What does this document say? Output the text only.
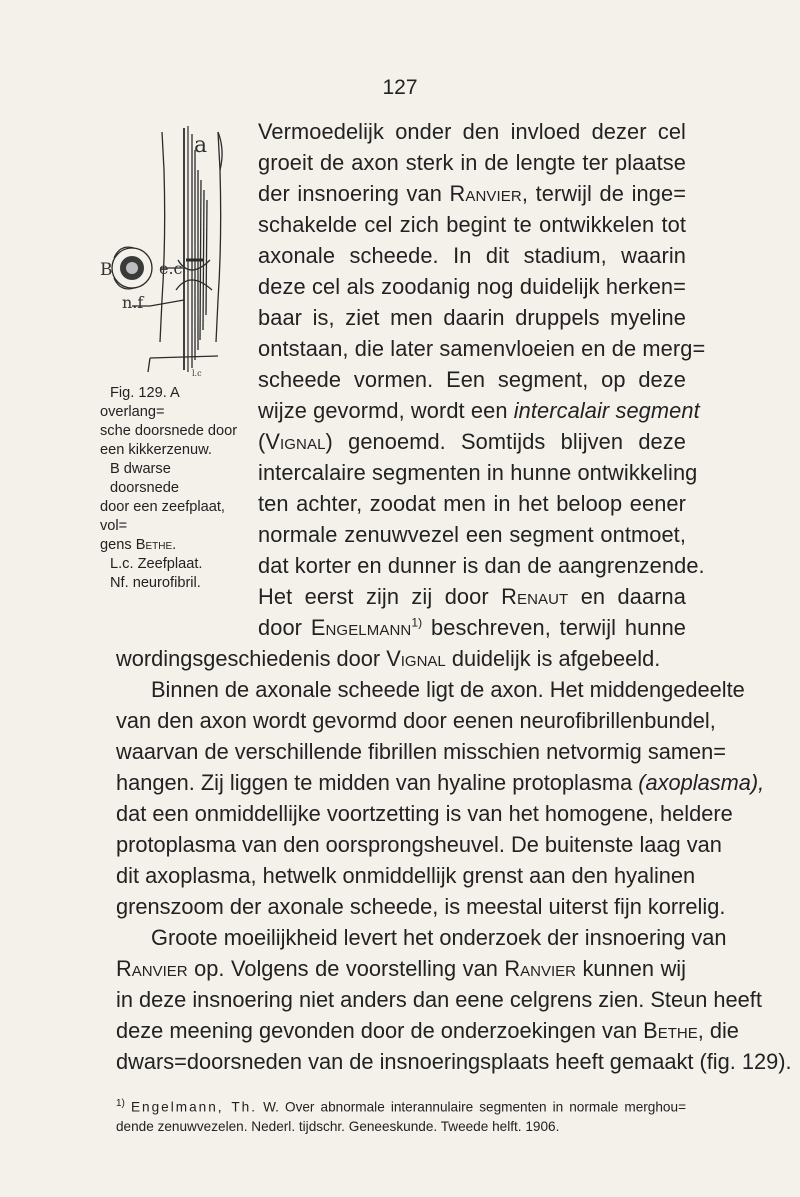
127
a
B	e.c
n.f
l.c

Fig. 129. A overlang=

sche doorsnede door een kikkerzenuw.

B dwarse doorsnede

door een zeefplaat, vol=

gens Bethe.

L.c. Zeefplaat.

Nf. neurofibril.

Vermoedelijk onder den invloed dezer cel
groeit de axon sterk in de lengte ter plaatse
der insnoering van Ranvier, terwijl de inge=
schakelde cel zich begint te ontwikkelen tot
axonale scheede. In dit stadium, waarin
deze cel als zoodanig nog duidelijk herken=
baar is, ziet men daarin druppels myeline
ontstaan, die later samenvloeien en de merg=
scheede vormen. Een segment, op deze
wijze gevormd, wordt een intercalair segment
(Vignal) genoemd. Somtijds blijven deze
intercalaire segmenten in hunne ontwikkeling
ten achter, zoodat men in het beloop eener
normale zenuwvezel een segment ontmoet,
dat korter en dunner is dan de aangrenzende.
Het eerst zijn zij door Renaut en daarna
door Engelmann$^{1)}$ beschreven, terwijl hunne
wordingsgeschiedenis door Vignal duidelijk is afgebeeld.
Binnen de axonale scheede ligt de axon. Het middengedeelte
van den axon wordt gevormd door eenen neurofibrillenbundel,
waarvan de verschillende fibrillen misschien netvormig samen=
hangen. Zij liggen te midden van hyaline protoplasma (axoplasma),
dat een onmiddellijke voortzetting is van het homogene, heldere
protoplasma van den oorsprongsheuvel. De buitenste laag van
dit axoplasma, hetwelk onmiddellijk grenst aan den hyalinen
grenszoom der axonale scheede, is meestal uiterst fijn korrelig.
Groote moeilijkheid levert het onderzoek der insnoering van
Ranvier op. Volgens de voorstelling van Ranvier kunnen wij
in deze insnoering niet anders dan eene celgrens zien. Steun heeft
deze meening gevonden door de onderzoekingen van Bethe, die
dwars=doorsneden van de insnoeringsplaats heeft gemaakt (fig. 129).

$^{1)}$ Engelmann, Th. W. Over abnormale interannulaire segmenten in normale merghou=

dende zenuwvezelen. Nederl. tijdschr. Geneeskunde. Tweede helft. 1906.
